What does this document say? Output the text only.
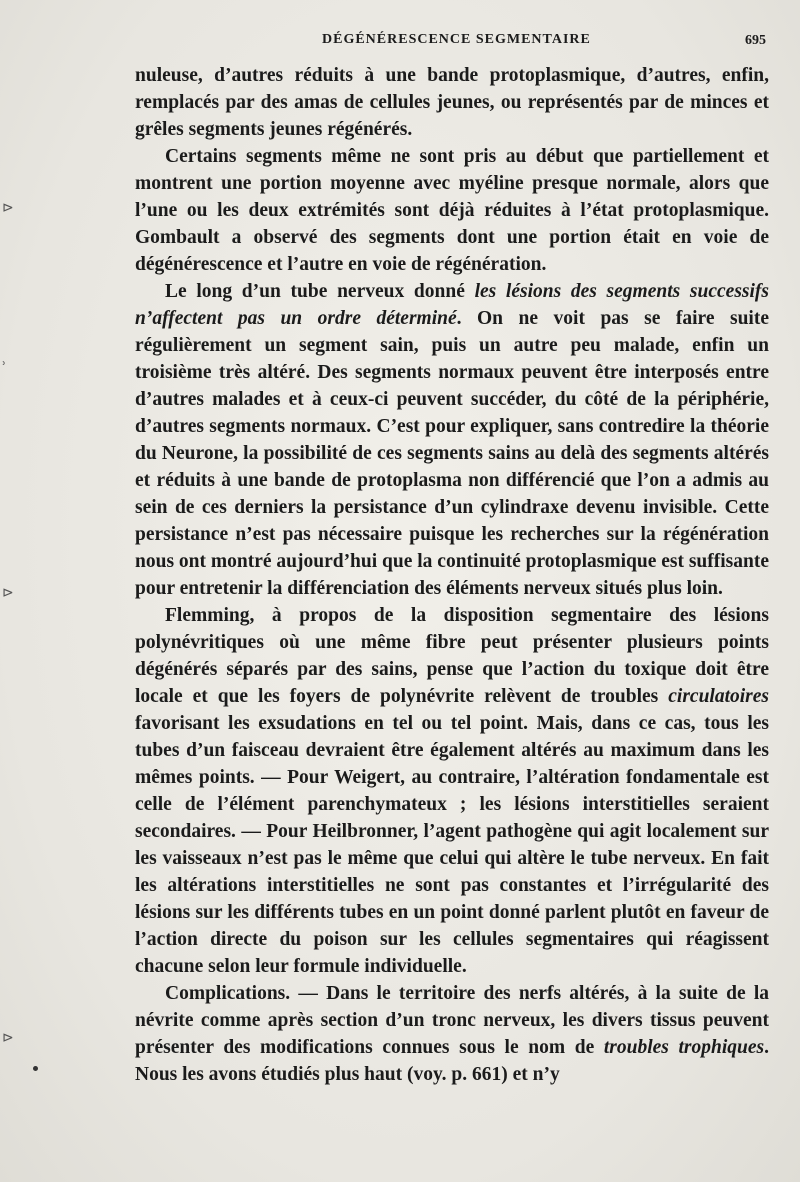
DÉGÉNÉRESCENCE SEGMENTAIRE	695

nuleuse, d’autres réduits à une bande protoplasmique, d’autres, enfin, remplacés par des amas de cellules jeunes, ou représentés par de minces et grêles segments jeunes régénérés.

Certains segments même ne sont pris au début que partiellement et montrent une portion moyenne avec myéline presque normale, alors que l’une ou les deux extrémités sont déjà réduites à l’état protoplasmique. Gombault a observé des segments dont une portion était en voie de dégénérescence et l’autre en voie de régénération.

Le long d’un tube nerveux donné les lésions des segments successifs n’affectent pas un ordre déterminé. On ne voit pas se faire suite régulièrement un segment sain, puis un autre peu malade, enfin un troisième très altéré. Des segments normaux peuvent être interposés entre d’autres malades et à ceux-ci peuvent succéder, du côté de la périphérie, d’autres segments normaux. C’est pour expliquer, sans contredire la théorie du Neurone, la possibilité de ces segments sains au delà des segments altérés et réduits à une bande de protoplasma non différencié que l’on a admis au sein de ces derniers la persistance d’un cylindraxe devenu invisible. Cette persistance n’est pas nécessaire puisque les recherches sur la régénération nous ont montré aujourd’hui que la continuité protoplasmique est suffisante pour entretenir la différenciation des éléments nerveux situés plus loin.

Flemming, à propos de la disposition segmentaire des lésions polynévritiques où une même fibre peut présenter plusieurs points dégénérés séparés par des sains, pense que l’action du toxique doit être locale et que les foyers de polynévrite relèvent de troubles circulatoires favorisant les exsudations en tel ou tel point. Mais, dans ce cas, tous les tubes d’un faisceau devraient être également altérés au maximum dans les mêmes points. — Pour Weigert, au contraire, l’altération fondamentale est celle de l’élément parenchymateux ; les lésions interstitielles seraient secondaires. — Pour Heilbronner, l’agent pathogène qui agit localement sur les vaisseaux n’est pas le même que celui qui altère le tube nerveux. En fait les altérations interstitielles ne sont pas constantes et l’irrégularité des lésions sur les différents tubes en un point donné parlent plutôt en faveur de l’action directe du poison sur les cellules segmentaires qui réagissent chacune selon leur formule individuelle.

Complications. — Dans le territoire des nerfs altérés, à la suite de la névrite comme après section d’un tronc nerveux, les divers tissus peuvent présenter des modifications connues sous le nom de troubles trophiques. Nous les avons étudiés plus haut (voy. p. 661) et n’y

⊳
ʾ
⊳
⊳
